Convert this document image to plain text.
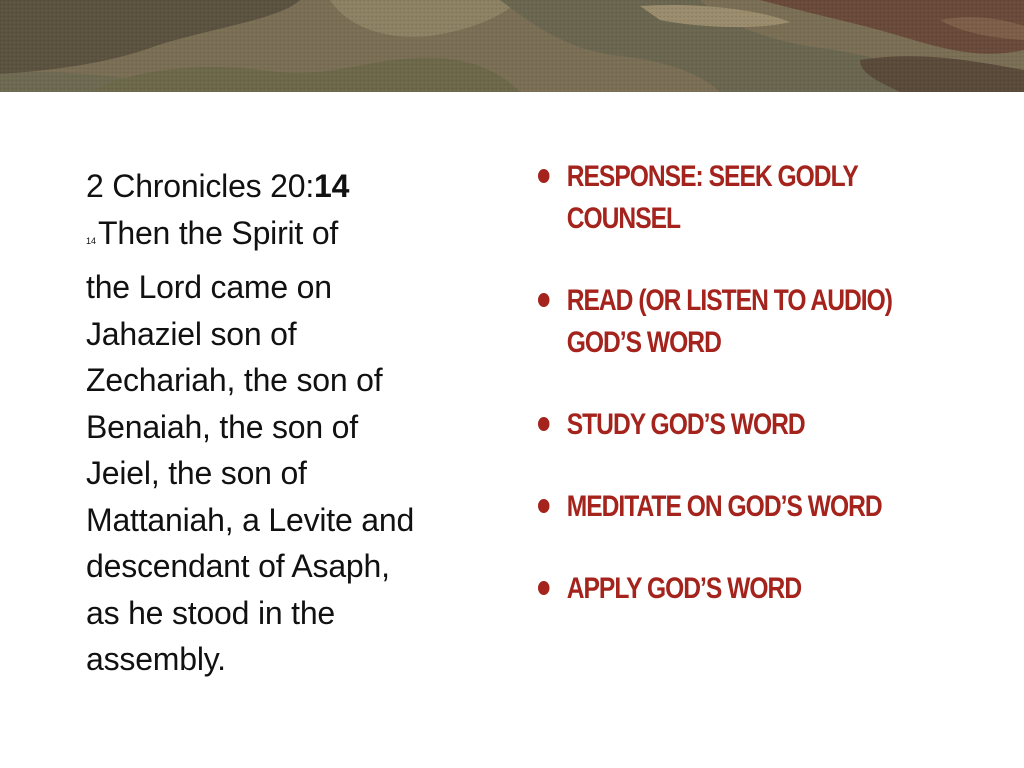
2 Chronicles 20:14
14Then the Spirit of
the Lord came on
Jahaziel son of
Zechariah, the son of
Benaiah, the son of
Jeiel, the son of
Mattaniah, a Levite and
descendant of Asaph,
as he stood in the
assembly.
RESPONSE: SEEK GODLY
COUNSEL
READ (OR LISTEN TO AUDIO)
GOD’S WORD
STUDY GOD’S WORD
MEDITATE ON GOD’S WORD
APPLY GOD’S WORD
